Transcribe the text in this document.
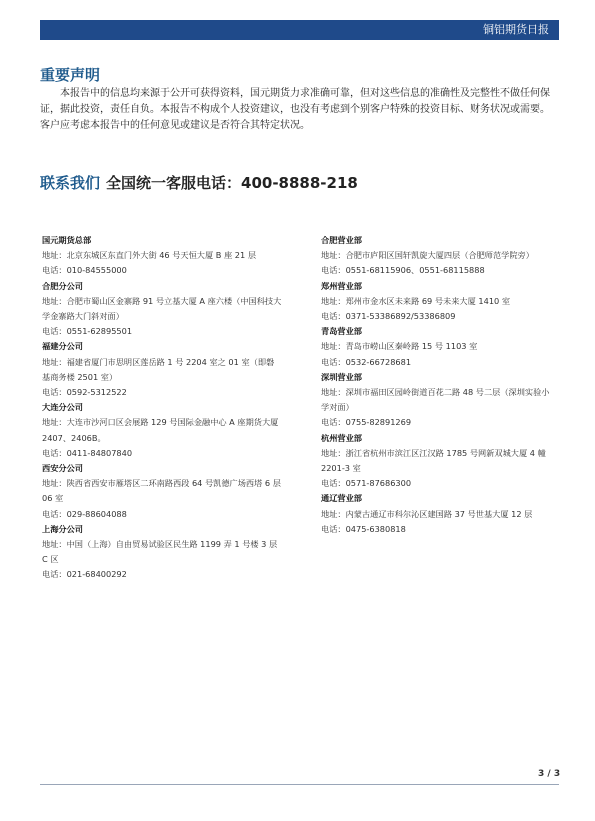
铜铝期货日报
重要声明
本报告中的信息均来源于公开可获得资料，国元期货力求准确可靠，但对这些信息的准确性及完整性不做任何保证，据此投资，责任自负。本报告不构成个人投资建议，也没有考虑到个别客户特殊的投资目标、财务状况或需要。客户应考虑本报告中的任何意见或建议是否符合其特定状况。
联系我们 全国统一客服电话：400-8888-218
国元期货总部
地址：北京东城区东直门外大街 46 号天恒大厦 B 座 21 层
电话：010-84555000
合肥分公司
地址：合肥市蜀山区金寨路 91 号立基大厦 A 座六楼（中国科技大学金寨路大门斜对面）
电话：0551-62895501
福建分公司
地址：福建省厦门市思明区莲岳路 1 号 2204 室之 01 室（即磐基商务楼 2501 室）
电话：0592-5312522
大连分公司
地址：大连市沙河口区会展路 129 号国际金融中心 A 座期货大厦 2407、2406B。
电话：0411-84807840
西安分公司
地址：陕西省西安市雁塔区二环南路西段 64 号凯德广场西塔 6 层 06 室
电话：029-88604088
上海分公司
地址：中国（上海）自由贸易试验区民生路 1199 弄 1 号楼 3 层 C 区
电话：021-68400292
合肥营业部
地址：合肥市庐阳区国轩凯旋大厦四层（合肥师范学院旁）
电话：0551-68115906、0551-68115888
郑州营业部
地址：郑州市金水区未来路 69 号未来大厦 1410 室
电话：0371-53386892/53386809
青岛营业部
地址：青岛市崂山区秦岭路 15 号 1103 室
电话：0532-66728681
深圳营业部
地址：深圳市福田区园岭街道百花二路 48 号二层（深圳实验小学对面）
电话：0755-82891269
杭州营业部
地址：浙江省杭州市滨江区江汉路 1785 号网新双城大厦 4 幢 2201-3 室
电话：0571-87686300
通辽营业部
地址：内蒙古通辽市科尔沁区建国路 37 号世基大厦 12 层
电话：0475-6380818
3 / 3
